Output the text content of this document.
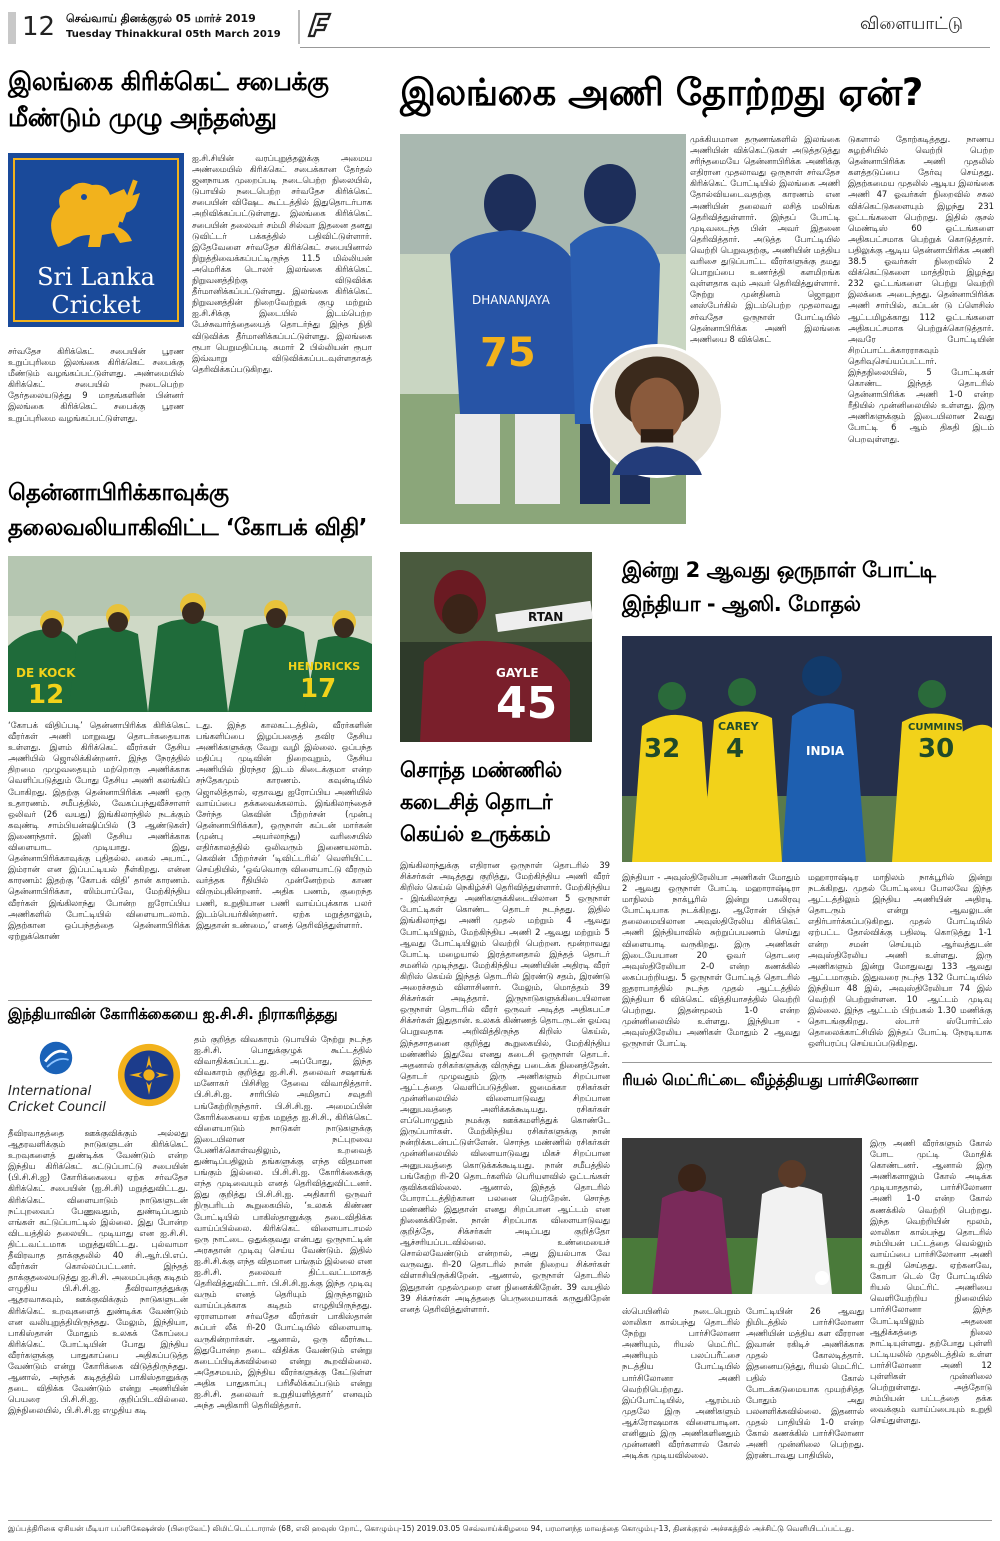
12 செவ்வாய் தினக்குரல் 05 மார்ச் 2019
Tuesday Thinakkural 05th March 2019
விளையாட்டு
இலங்கை கிரிக்கெட் சபைக்கு
மீண்டும் முழு அந்தஸ்து
Sri Lanka
Cricket
சர்வதேச கிரிக்கெட் சபையின் பூரண உறுப்புரிமை இலங்கை கிரிக்கெட் சபைக்கு மீண்டும் வழங்கப்பட்டுள்ளது. அண்மையில் கிரிக்கெட் சபையில் நடைபெற்ற தேர்தலையடுத்து 9 மாதங்களின் பின்னர் இலங்கை கிரிக்கெட் சபைக்கு பூரண உறுப்புரிமை வழங்கப்பட்டுள்ளது.
ஐ.சி.சியின் வரப்புறுத்தலுக்கு அமைய அண்மையில் கிரிக்கெட் சபைக்கான தேர்தல் ஜனநாயக முறைப்படி நடைபெற்ற நிலையில், டுபாயில் நடைபெற்ற சர்வதேச கிரிக்கெட் சபையின் விஷேட கூட்டத்தில் இதுதொடர்பாக அறிவிக்கப்பட்டுள்ளது. இலங்கை கிரிக்கெட் சபையின் தலைவர் சம்மி சில்வா இதனை தனது டுவிட்டர் பக்கத்தில் பதிவிட்டுள்ளார். இதேவேளை சர்வதேச கிரிக்கெட் சபையினால் நிறுத்திவைக்கப்பட்டிருந்த 11.5 மில்லியன் அமெரிக்க டொலர் இலங்கை கிரிக்கெட் நிறுவனத்திற்கு விடுவிக்க தீர்மானிக்கப்பட்டுள்ளது. இலங்கை கிரிக்கெட் நிறுவனத்தின் நிறைவேற்றுக் குழு மற்றும் ஐ.சி.சிக்கு இடையில் இடம்பெற்ற பேச்சுவார்த்தையைத் தொடர்ந்து இந்த நிதி விடுவிக்க தீர்மானிக்கப்பட்டுள்ளது. இலங்கை ரூபா பெறுமதிப்படி சுமார் 2 பில்லியன் ரூபா இவ்வாறு விடுவிக்கப்படவுள்ளதாகத் தெரிவிக்கப்படுகிறது.
இலங்கை அணி தோற்றது ஏன்?
75
DHANANJAYA
முக்கியமான தருணங்களில் இலங்கை அணியின் விக்கெட்டுகள் அடுத்தடுத்து சரிந்தமையே தென்னாபிரிக்க அணிக்கு எதிரான முதலாவது ஒருநாள் சர்வதேச கிரிக்கெட் போட்டியில் இலங்கை அணி தோல்வியடைவதற்கு காரணம் என அணியின் தலைவர் லசித் மலிங்க தெரிவித்துள்ளார். இந்தப் போட்டி முடிவடைந்த பின் அவர் இதனை தெரிவித்தார். அடுத்த போட்டியில் வெற்றி பெறுவதற்கு, அணியின் மத்திய வரிசை துடுப்பாட்ட வீரர்களுக்கு தமது பொறுப்பை உணர்த்தி களமிறங்க வுள்ளதாக வும் அவர் தெரிவித்துள்ளார். நேற்று முன்தினம் ஜொஹா னஸ்பேர்கில் இடம்பெற்ற முதலாவது சர்வதேச ஒருநாள் போட்டியில் தென்னாபிரிக்க அணி இலங்கை அணியை 8 விக்கெட்
டுகளால் தோற்கடித்தது. நாணய சுழற்சியில் வெற்றி பெற்ற தென்னாபிரிக்க அணி முதலில் களத்தடுப்பை தேர்வு செய்தது. இதற்கமைய முதலில் ஆடிய இலங்கை அணி 47 ஓவர்கள் நிறைவில் சகல விக்கெட்டுகளையும் இழந்து 231 ஓட்டங்களை பெற்றது. இதில் குசல் மெண்டிஸ் 60 ஓட்டங்களை அதிகபட்சமாக பெற்றுக் கொடுத்தார். பதிலுக்கு ஆடிய தென்னாபிரிக்க அணி 38.5 ஓவர்கள் நிறைவில் 2 விக்கெட்டுகளை மாத்திரம் இழந்து 232 ஓட்டங்களை பெற்று வெற்றி இலக்கை அடைந்தது. தென்னாபிரிக்க அணி சார்பில், கப்டன் டு ப்ளெசிஸ் ஆட்டமிழக்காது 112 ஓட்டங்களை அதிகபட்சமாக பெற்றுக்கொடுத்தார். அவரே போட்டியின் சிறப்பாட்டக்காரராகவும் தெரிவுசெய்யப்பட்டார். இந்தநிலையில், 5 போட்டிகள் கொண்ட இந்தத் தொடரில் தென்னாபிரிக்க அணி 1-0 என்ற ரீதியில் முன்னிலையில் உள்ளது. இரு அணிகளுக்கும் இடையிலான 2வது போட்டி 6 ஆம் திகதி இடம் பெறவுள்ளது.
தென்னாபிரிக்காவுக்கு
தலைவலியாகிவிட்ட ‘கோபக் விதி’
DE KOCK
12
HENDRICKS
17
‘கோபக் விதிப்படி’ தென்னாபிரிக்க கிரிக்கெட் வீரர்கள் அணி மாறுவது தொடர்கதையாக உள்ளது. இளம் கிரிக்கெட் வீரர்கள் தேசிய அணியில் ஜொலிக்கின்றனர். இந்த நேரத்தில் திறமை முழுவதையும் மற்றொரு அணிக்காக வெளிப்படுத்தும் போது தேசிய அணி கலங்கிப் போகிறது. இதற்கு தென்னாபிரிக்க அணி ஒரு உதாரணம். சமீபத்தில், வேகப்பந்துவீச்சாளர் ஒலிவர் (26 வயது) இங்கிலாந்தில் நடக்கும் கவுண்டி சாம்பியன்ஷிப்பில் (3 ஆண்டுகள்) இணைந்தார். இனி தேசிய அணிக்காக விளையாட முடியாது. இது, தென்னாபிரிக்காவுக்கு புதிதல்ல. கைல் அபாட், இம்ரான் என இப்பட்டியல் நீள்கிறது. என்ன காரணம்: இதற்கு ‘கோபக் விதி’ தான் காரணம். தென்னாபிரிக்கா, ஸிம்பாப்வே, மேற்கிந்திய வீரர்கள் இங்கிலாந்து போன்ற ஐரோப்பிய அணிகளில் போட்டியில் விளையாடலாம். இதற்கான ஒப்பந்தத்தை தென்னாபிரிக்க ஏற்றுக்கொண்
டது. இந்த காலகட்டத்தில், வீரர்களின் பங்களிப்பை இழப்பதைத் தவிர தேசிய அணிக்களுக்கு வேறு வழி இல்லை. ஒப்பந்த மதிப்பு முடிவின் நிறைவுறும், தேசிய அணியில் நிரந்தர இடம் கிடைக்குமா என்ற சந்தேகமும் காரணம். கவுன்டியில் ஜொலித்தால், ஏதாவது ஐரோப்பிய அணியில் வாய்ப்பை தக்கவைக்கலாம். இங்கிலாந்தைச் சேர்ந்த கெவின் பீற்றர்சன் (முன்பு தென்னாபிரிக்கா), ஒருநாள் கப்டன் மார்கன் (முன்பு அயர்லாந்து) வரிசையில் எதிர்காலத்தில் ஒலிவரும் இணையலாம். கெவின் பீற்றர்சன் ‘டிவிட்டரில்’ வெளியிட்ட செய்தியில், ‘ஒவ்வொரு விளையாட்டு வீரரும் வர்த்தக ரீதியில் முன்னேற்றம் காண விரும்புகின்றனர். அதிக பணம், குறைந்த பணி, உறுதியான பணி வாய்ப்புக்காக பலர் இடம்பெயர்கின்றனர். ஏற்க மறுத்தாலும், இதுதான் உண்மை,’ எனத் தெரிவித்துள்ளார்.
இந்தியாவின் கோரிக்கையை ஐ.சி.சி. நிராகரித்தது
International
Cricket Council
தீவிரவாதத்தை ஊக்குவிக்கும் அல்லது ஆதரவளிக்கும் நாடுகளுடன் கிரிக்கெட் உறவுகளைத் துண்டிக்க வேண்டும் என்ற இந்திய கிரிக்கெட் கட்டுப்பாட்டு சபையின் (பி.சி.சி.ஐ) கோரிக்கையை ஏற்க சர்வதேச கிரிக்கெட் சபையின் (ஐ.சி.சி) மறுத்துவிட்டது. கிரிக்கெட் விளையாடும் நாடுகளுடன் நட்புறவைப் பேணுவதும், துண்டிப்பதும் எங்கள் கட்டுப்பாட்டில் இல்லை. இது போன்ற விடயத்தில் தலையிட முடியாது என ஐ.சி.சி. திட்டவட்டமாக மறுத்துவிட்டது. புல்வாமா தீவிரவாத தாக்குதலில் 40 சி.ஆர்.பி.எப். வீரர்கள் கொல்லப்பட்டனர். இந்தத் தாக்குதலையடுத்து ஐ.சி.சி. அமைப்புக்கு கடிதம் எழுதிய பி.சி.சி.ஐ. தீவிரவாதத்துக்கு ஆதரவாகவும், ஊக்குவிக்கும் நாடுகளுடன் கிரிக்கெட் உறவுகளைத் துண்டிக்க வேண்டும் என வலியுறுத்தியிருந்தது. மேலும், இந்தியா, பாகிஸ்தான் மோதும் உலகக் கோப்பை கிரிக்கெட் போட்டியின் போது இந்திய வீரர்களுக்கு பாதுகாப்பை அதிகப்படுத்த வேண்டும் என்று கோரிக்கை விடுத்திருந்தது. ஆனால், அந்தக் கடிதத்தில் பாகிஸ்தானுக்கு தடை விதிக்க வேண்டும் என்று அணியின் பெயரை பி.சி.சி.ஐ. குறிப்பிடவில்லை. இந்நிலையில், பி.சி.சி.ஐ எழுதிய கடி
தம் குறித்த விவகாரம் டுபாயில் நேற்று நடந்த ஐ.சி.சி. பொதுக்குழுக் கூட்டத்தில் விவாதிக்கப்பட்டது. அப்போது, இந்த விவகாரம் குறித்து ஐ.சி.சி. தலைவர் சஷாங்க் மனோகர் பிசிசிஐ தேவை விவாதித்தார். பி.சி.சி.ஐ. சாரிபில் அமிதாப் சவுதரி பங்கேற்றிருந்தார். பி.சி.சி.ஐ. அமைப்பின் கோரிக்கையை ஏற்க மறுத்த ஐ.சி.சி., கிரிக்கெட் விளையாடும் நாடுகள் நாடுகளுக்கு இடையிலான நட்புறவை பேணிக்கொள்வதிலும், உறவைத் துண்டிப்பதிலும் தங்களுக்கு எந்த விதமான பங்கும் இல்லை. பி.சி.சி.ஐ. கோரிக்கைக்கு எந்த முடிவையும் எனத் தெரிவித்துவிட்டனர். இது குறித்து பி.சி.சி.ஐ. அதிகாரி ஒருவர் நிருபரிடம் கூறுகையில், ‘உலகக் கிண்ண போட்டியில் பாகிஸ்தானுக்கு தடைவிதிக்க வாய்ப்பில்லை. கிரிக்கெட் விளையாடாமல் ஒரு நாட்டை ஒதுக்குவது என்பது ஒருநாட்டின் அரசுதான் முடிவு செய்ய வேண்டும். இதில் ஐ.சி.சி.க்கு எந்த விதமான பங்கும் இல்லை என ஐ.சி.சி. தலைவர் திட்டவட்டமாகத் தெரிவித்துவிட்டார். பி.சி.சி.ஐ.க்கு இந்த முடிவு வரும் எனத் தெரியும் இருந்தாலும் வாய்ப்புக்காக கடிதம் எழுதியிருந்தது. ஏராளமான சர்வதேச வீரர்கள் பாகிஸ்தான் சுப்பர் லீக் ரி-20 போட்டியில் விளையாடி வருகின்றார்கள். ஆனால், ஒரு வீரர்கூட இதுபோன்ற தடை விதிக்க வேண்டும் என்று கடைப்பிடிக்கவில்லை என்று கூறவில்லை. அதேசமயம், இந்திய வீரர்களுக்கு கேட்டுள்ள அதிக பாதுகாப்பு பரிசீலிக்கப்படும் என்று ஐ.சி.சி. தலைவர் உறுதியளித்தார்’ எனவும் அந்த அதிகாரி தெரிவித்தார்.
RTAN
GAYLE
45
சொந்த மண்ணில்
கடைசித் தொடர்
கெய்ல் உருக்கம்
இங்கிலாந்துக்கு எதிரான ஒருநாள் தொடரில் 39 சிக்சர்கள் அடித்தது குறித்து, மேற்கிந்திய அணி வீரர் கிறிஸ் கெய்ல் நெகிழ்ச்சி தெரிவித்துள்ளார். மேற்கிந்திய - இங்கிலாந்து அணிகளுக்கிடையிலான 5 ஒருநாள் போட்டிகள் கொண்ட தொடர் நடந்தது. இதில் இங்கிலாந்து அணி முதல் மற்றும் 4 ஆவது போட்டியிலும், மேற்கிந்திய அணி 2 ஆவது மற்றும் 5 ஆவது போட்டியிலும் வெற்றி பெற்றன. மூன்றாவது போட்டி மழையால் இரத்தானதால் இந்தத் தொடர் சமனில் முடிந்தது. மேற்கிந்திய அணியின் அதிரடி வீரர் கிறிஸ் கெய்ல் இந்தத் தொடரில் இரண்டு சதம், இரண்டு அரைச்சதம் விளாசினார். மேலும், மொத்தம் 39 சிக்சர்கள் அடித்தார். இருநாடுகளுக்கிடையிலான ஒருநாள் தொடரில் வீரர் ஒருவர் அடித்த அதிகபட்ச சிக்சர்கள் இதுதான். உலகக் கிண்ணத் தொடருடன் ஓய்வு பெறுவதாக அறிவித்திருந்த கிறிஸ் கெய்ல், இந்தசாதனை குறித்து கூறுகையில், மேற்கிந்திய மண்ணில் இதுவே எனது கடைசி ஒருநாள் தொடர். அதனால் ரசிகர்களுக்கு விருந்து படைக்க நினைத்தேன். தொடர் முழுவதும் இரு அணிகளும் சிறப்பான ஆட்டத்தை வெளிப்படுத்தின. ஜமைக்கா ரசிகர்கள் முன்னிலையில் விளையாடுவது சிறப்பான அனுபவத்தை அளிக்கக்கூடியது. ரசிகர்கள் எப்பொழுதும் நமக்கு ஊக்கமளித்துக் கொண்டே இருப்பார்கள். மேற்கிந்திய ரசிகர்களுக்கு நான் நன்றிக்கடன்பட்டுள்ளேன். சொந்த மண்ணில் ரசிகர்கள் முன்னிலையில் விளையாடுவது மிகச் சிறப்பான அனுபவத்தை கொடுக்கக்கூடியது. நான் சமீபத்தில் பங்கேற்ற ரி-20 தொடர்களில் பெரியளவில் ஓட்டங்கள் குவிக்கவில்லை. ஆனால், இந்தத் தொடரில் போராட்டத்திற்கான பலனை பெற்றேன். சொந்த மண்ணில் இதுதான் எனது சிறப்பான ஆட்டம் என நினைக்கிறேன். நான் சிறப்பாக விளையாடுவது குறித்தே, சிக்சர்கள் அடிப்பது குறித்தோ ஆச்சரியப்படவில்லை. உண்மையைச் சொல்லவேண்டும் என்றால், அது இயல்பாக வே வருவது. ரி-20 தொடரில் நான் நிறைய சிக்சர்கள் விளாசியிருக்கிறேன். ஆனால், ஒருநாள் தொடரில் இதுதான் முதல்முறை என நினைக்கிறேன். 39 வயதில் 39 சிக்சர்கள் அடித்ததை பெருமையாகக் கருதுகிறேன் எனத் தெரிவித்துள்ளார்.
இன்று 2 ஆவது ஒருநாள் போட்டி
இந்தியா - ஆஸி. மோதல்
32
CAREY
4	INDIA
CUMMINS
30
இந்தியா - அவுஸ்திரேலியா அணிகள் மோதும் 2 ஆவது ஒருநாள் போட்டி மஹாராஷ்டிரா மாநிலம் நாக்பூரில் இன்று பகலிரவு போட்டியாக நடக்கிறது. ஆரோன் பிஞ்ச் தலைமையிலான அவுஸ்திரேலிய கிரிக்கெட் அணி இந்தியாவில் சுற்றுப்பயணம் செய்து விளையாடி வருகிறது. இரு அணிகள் இடையேயான 20 ஓவர் தொடரை அவுஸ்திரேலியா 2-0 என்ற கணக்கில் கைப்பற்றியது. 5 ஒருநாள் போட்டித் தொடரில் ஐதராபாத்தில் நடந்த முதல் ஆட்டத்தில் இந்தியா 6 விக்கெட் வித்தியாசத்தில் வெற்றி பெற்றது. இதன்மூலம் 1-0 என்ற முன்னிலையில் உள்ளது. இந்தியா - அவுஸ்திரேலிய அணிகள் மோதும் 2 ஆவது ஒருநாள் போட்டி
மஹாராஷ்டிர மாநிலம் நாக்பூரில் இன்று நடக்கிறது. முதல் போட்டியை போலவே இந்த ஆட்டத்திலும் இந்திய அணியின் அதிரடி தொடரும் என்று ஆவலுடன் எதிர்பார்க்கப்படுகிறது. முதல் போட்டியில் ஏற்பட்ட தோல்விக்கு பதிலடி கொடுத்து 1-1 என்ற சமன் செய்யும் ஆர்வத்துடன் அவுஸ்திரேலிய அணி உள்ளது. இரு அணிகளும் இன்று மோதுவது 133 ஆவது ஆட்டமாகும். இதுவரை நடந்த 132 போட்டியில் இந்தியா 48 இல், அவுஸ்திரேலியா 74 இல் வெற்றி பெற்றுள்ளன. 10 ஆட்டம் முடிவு இல்லை. இந்த ஆட்டம் பிற்பகல் 1.30 மணிக்கு தொடங்குகிறது. ஸ்டார் ஸ்போர்ட்ஸ் தொலைக்காட்சியில் இந்தப் போட்டி நேரடியாக ஒளிபரப்பு செய்யப்படுகிறது.
ரியல் மெட்ரிட்டை வீழ்த்தியது பார்சிலோனா
இரு அணி வீரர்களும் கோல் போட முட்டி மோதிக் கொண்டனர். ஆனால் இரு அணிகளாலும் கோல் அடிக்க முடியாததால், பார்சிலோனா அணி 1-0 என்ற கோல் கணக்கில் வெற்றி பெற்றது. இந்த வெற்றியின் மூலம், லாலிகா கால்பந்து தொடரில் சம்பியன் பட்டத்தை வெல்லும் வாய்ப்பை பார்சிலோனா அணி உறுதி செய்தது. ஏற்கனவே, கோபா டெல் ரே போட்டியில் ரியல் மெட்ரிட் அணியை வெளியேற்றிய நிலையில் பார்சிலோனா இந்த போட்டியிலும் அதனை ஆதிக்கத்தை நிலை நாட்டியுள்ளது. தற்போது புள்ளி பட்டியலில் முதலிடத்தில் உள்ள பார்சிலோனா அணி 12 புள்ளிகள் முன்னிலை பெற்றுள்ளது. அத்தோடு சம்பியன் பட்டத்தை தக்க வைக்கும் வாய்ப்பையும் உறுதி செய்துள்ளது.
ஸ்பெயினில் நடைபெறும் லாலிகா கால்பந்து தொடரில் நேற்று பார்சிலோனா அணியும், ரியல் மெட்ரிட் அணியும் பலப்பரீட்சை நடத்திய போட்டியில் பார்சிலோனா அணி வெற்றிபெற்றது. இப்போட்டியில், ஆரம்பம் முதலே இரு அணிகளும் ஆக்ரோஷமாக விளையாடின. எனினும் இரு அணிகளினதும் முன்னணி வீரர்களால் கோல் அடிக்க முடியவில்லை.
போட்டியின் 26 ஆவது நிமிடத்தில் பார்சிலோனா அணியின் மத்திய கள வீரரான இவான் ரகிடிச் அணிக்காக முதல் கோலடித்தார். இதனையடுத்து, ரியல் மெட்ரிட் பதில் கோல் போடக்கடுமையாக முயற்சித்த போதும் அது பலனளிக்கவில்லை. இதனால் முதல் பாதியில் 1-0 என்ற கோல் கணக்கில் பார்சிலோனா அணி முன்னிலை பெற்றது. இரண்டாவது பாதியில்,
இப்பத்திரிகை ஏசியன் மீடியா பப்ளிகேஷன்ஸ் (பிரைவேட்) லிமிட்டெட்டாரால் (68, எலி ஹவுஸ் றோட், கொழும்பு-15) 2019.03.05 செவ்வாய்க்கிழமை 94, பரமானந்த மாவத்தை கொழும்பு-13, தினக்குரல் அச்சகத்தில் அச்சிட்டு வெளியிடப்பட்டது.
